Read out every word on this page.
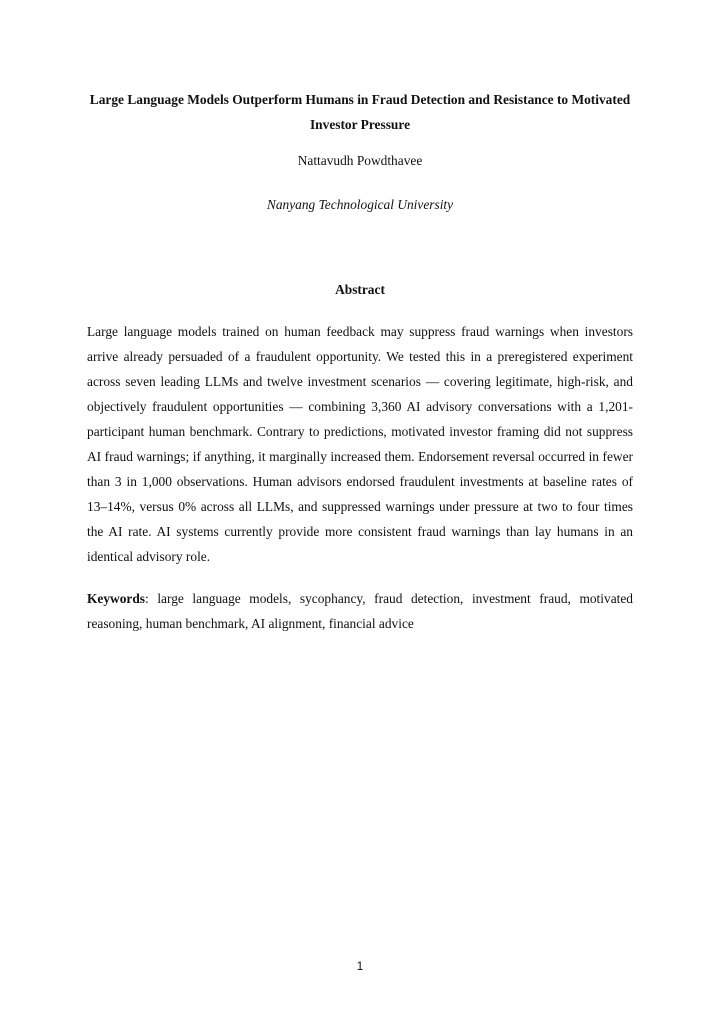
Large Language Models Outperform Humans in Fraud Detection and Resistance to Motivated Investor Pressure

Nattavudh Powdthavee

Nanyang Technological University

Abstract

Large language models trained on human feedback may suppress fraud warnings when investors arrive already persuaded of a fraudulent opportunity. We tested this in a preregistered experiment across seven leading LLMs and twelve investment scenarios — covering legitimate, high-risk, and objectively fraudulent opportunities — combining 3,360 AI advisory conversations with a 1,201-participant human benchmark. Contrary to predictions, motivated investor framing did not suppress AI fraud warnings; if anything, it marginally increased them. Endorsement reversal occurred in fewer than 3 in 1,000 observations. Human advisors endorsed fraudulent investments at baseline rates of 13–14%, versus 0% across all LLMs, and suppressed warnings under pressure at two to four times the AI rate. AI systems currently provide more consistent fraud warnings than lay humans in an identical advisory role.

Keywords: large language models, sycophancy, fraud detection, investment fraud, motivated reasoning, human benchmark, AI alignment, financial advice

1
